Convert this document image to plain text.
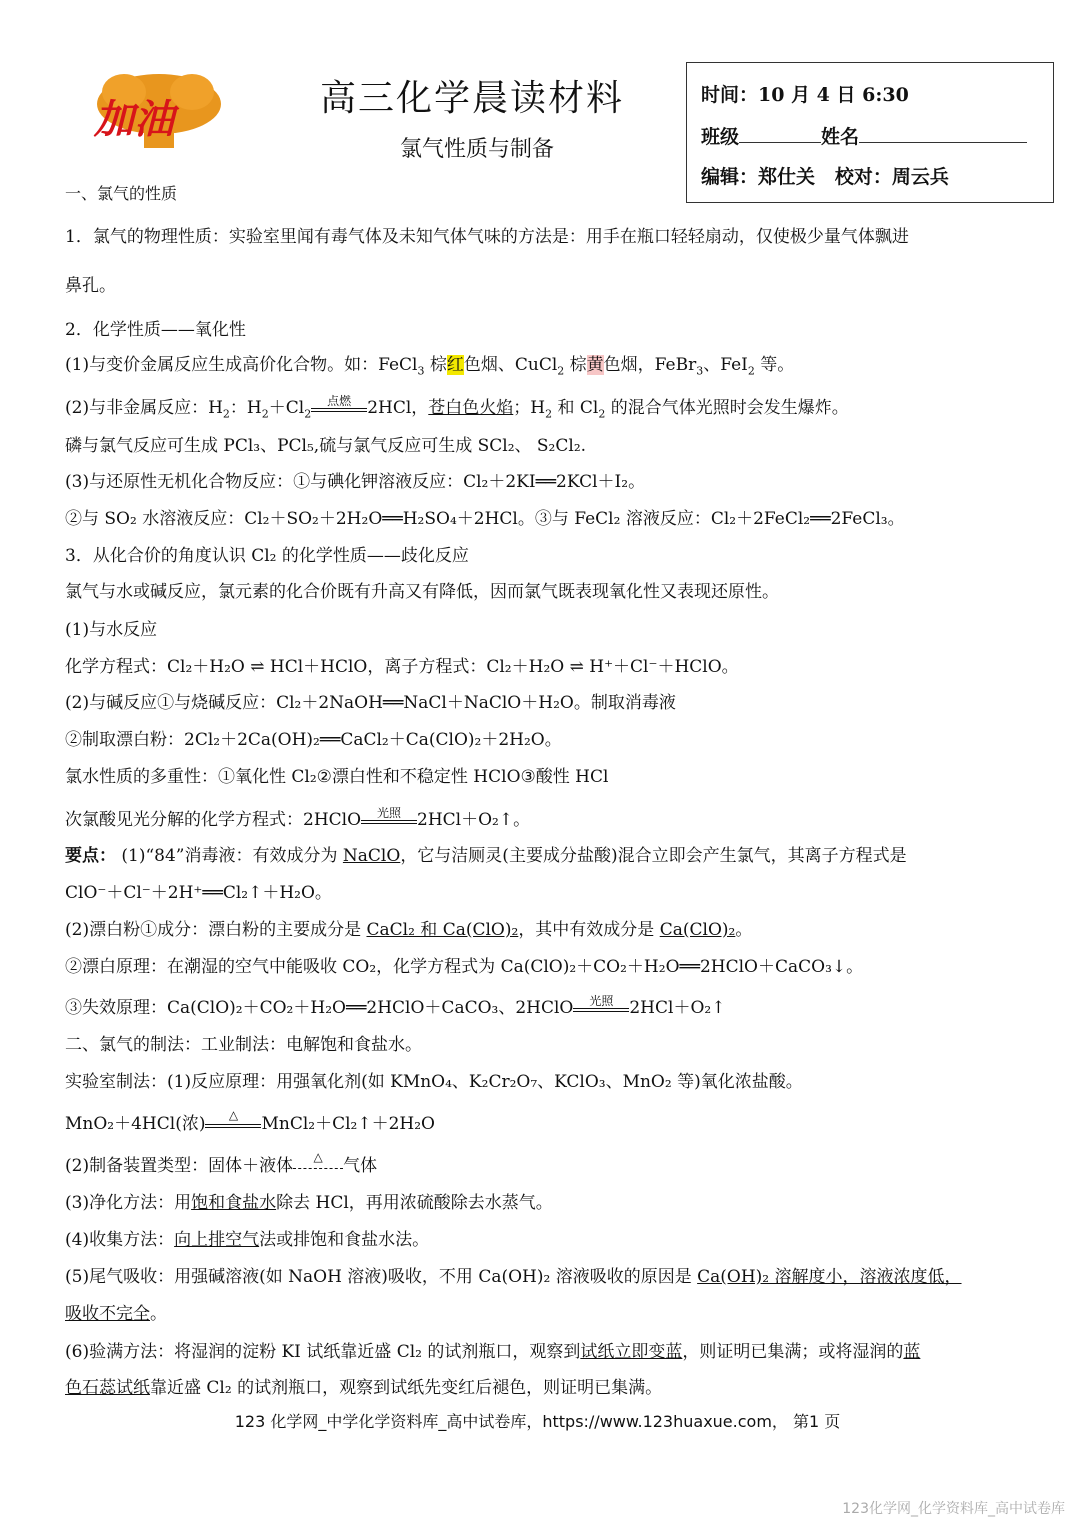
加油	高三化学晨读材料
氯气性质与制备
时间：10 月 4 日 6:30
班级	姓名
编辑：郑仕关 校对：周云兵
一、氯气的性质
1．氯气的物理性质：实验室里闻有毒气体及未知气体气味的方法是：用手在瓶口轻轻扇动，仅使极少量气体飘进
鼻孔。
2．化学性质——氧化性
(1)与变价金属反应生成高价化合物。如：FeCl$_3$ 棕红色烟、CuCl$_2$ 棕黄色烟，FeBr$_3$、FeI$_2$ 等。
(2)与非金属反应：$H_2$：$H_2+Cl_2$
点燃 2HCl，苍白色火焰；$H_2$ 和 $Cl_2$ 的混合气体光照时会发生爆炸。
磷与氯气反应可生成 PCl₃、PCl₅,硫与氯气反应可生成 SCl₂、 S₂Cl₂.
(3)与还原性无机化合物反应：①与碘化钾溶液反应：Cl₂＋2KI══2KCl＋I₂。
②与 SO₂ 水溶液反应：Cl₂＋SO₂＋2H₂O══H₂SO₄＋2HCl。③与 FeCl₂ 溶液反应：Cl₂＋2FeCl₂══2FeCl₃。
3．从化合价的角度认识 Cl₂ 的化学性质——歧化反应
氯气与水或碱反应，氯元素的化合价既有升高又有降低，因而氯气既表现氧化性又表现还原性。
(1)与水反应
化学方程式：Cl₂＋H₂O ⇌ HCl＋HClO，离子方程式：Cl₂＋H₂O ⇌ H⁺＋Cl⁻＋HClO。
(2)与碱反应①与烧碱反应：Cl₂＋2NaOH══NaCl＋NaClO＋H₂O。制取消毒液
②制取漂白粉：2Cl₂＋2Ca(OH)₂══CaCl₂＋Ca(ClO)₂＋2H₂O。
氯水性质的多重性：①氧化性 Cl₂②漂白性和不稳定性 HClO③酸性 HCl
次氯酸见光分解的化学方程式：2HClO	光照 2HCl＋O₂↑。
要点： (1)“84”消毒液：有效成分为 NaClO，它与洁厕灵(主要成分盐酸)混合立即会产生氯气，其离子方程式是
ClO⁻＋Cl⁻＋2H⁺══Cl₂↑＋H₂O。
(2)漂白粉①成分：漂白粉的主要成分是 CaCl₂ 和 Ca(ClO)₂，其中有效成分是 Ca(ClO)₂。
②漂白原理：在潮湿的空气中能吸收 CO₂，化学方程式为 Ca(ClO)₂＋CO₂＋H₂O══2HClO＋CaCO₃↓。
③失效原理：Ca(ClO)₂＋CO₂＋H₂O══2HClO＋CaCO₃、2HClO	光照 2HCl＋O₂↑
二、氯气的制法：工业制法：电解饱和食盐水。
实验室制法：(1)反应原理：用强氧化剂(如 KMnO₄、K₂Cr₂O₇、KClO₃、MnO₂ 等)氧化浓盐酸。
MnO₂＋4HCl(浓)	△	MnCl₂＋Cl₂↑＋2H₂O
(2)制备装置类型：固体＋液体	△	气体
(3)净化方法：用饱和食盐水除去 HCl，再用浓硫酸除去水蒸气。
(4)收集方法：向上排空气法或排饱和食盐水法。
(5)尾气吸收：用强碱溶液(如 NaOH 溶液)吸收，不用 Ca(OH)₂ 溶液吸收的原因是 Ca(OH)₂ 溶解度小，溶液浓度低，
吸收不完全。
(6)验满方法：将湿润的淀粉 KI 试纸靠近盛 Cl₂ 的试剂瓶口，观察到试纸立即变蓝，则证明已集满；或将湿润的蓝
色石蕊试纸靠近盛 Cl₂ 的试剂瓶口，观察到试纸先变红后褪色，则证明已集满。
123 化学网_中学化学资料库_高中试卷库，https://www.123huaxue.com， 第1 页
123化学网_化学资料库_高中试卷库
